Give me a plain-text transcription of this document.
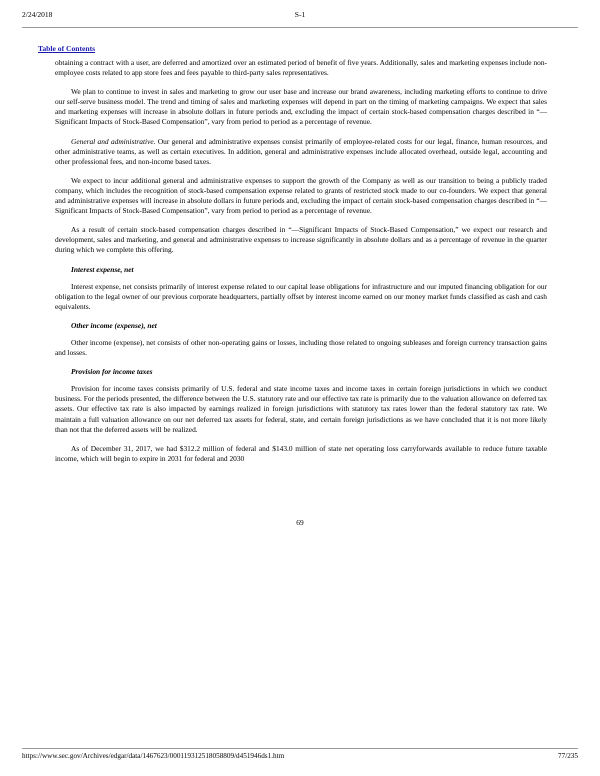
2/24/2018	S-1
Table of Contents

obtaining a contract with a user, are deferred and amortized over an estimated period of benefit of five years. Additionally, sales and marketing expenses include non-employee costs related to app store fees and fees payable to third-party sales representatives.

We plan to continue to invest in sales and marketing to grow our user base and increase our brand awareness, including marketing efforts to continue to drive our self-serve business model. The trend and timing of sales and marketing expenses will depend in part on the timing of marketing campaigns. We expect that sales and marketing expenses will increase in absolute dollars in future periods and, excluding the impact of certain stock-based compensation charges described in “—Significant Impacts of Stock-Based Compensation”, vary from period to period as a percentage of revenue.

General and administrative. Our general and administrative expenses consist primarily of employee-related costs for our legal, finance, human resources, and other administrative teams, as well as certain executives. In addition, general and administrative expenses include allocated overhead, outside legal, accounting and other professional fees, and non-income based taxes.

We expect to incur additional general and administrative expenses to support the growth of the Company as well as our transition to being a publicly traded company, which includes the recognition of stock-based compensation expense related to grants of restricted stock made to our co-founders. We expect that general and administrative expenses will increase in absolute dollars in future periods and, excluding the impact of certain stock-based compensation charges described in “—Significant Impacts of Stock-Based Compensation”, vary from period to period as a percentage of revenue.

As a result of certain stock-based compensation charges described in “—Significant Impacts of Stock-Based Compensation,” we expect our research and development, sales and marketing, and general and administrative expenses to increase significantly in absolute dollars and as a percentage of revenue in the quarter during which we complete this offering.

Interest expense, net

Interest expense, net consists primarily of interest expense related to our capital lease obligations for infrastructure and our imputed financing obligation for our obligation to the legal owner of our previous corporate headquarters, partially offset by interest income earned on our money market funds classified as cash and cash equivalents.

Other income (expense), net

Other income (expense), net consists of other non-operating gains or losses, including those related to ongoing subleases and foreign currency transaction gains and losses.

Provision for income taxes

Provision for income taxes consists primarily of U.S. federal and state income taxes and income taxes in certain foreign jurisdictions in which we conduct business. For the periods presented, the difference between the U.S. statutory rate and our effective tax rate is primarily due to the valuation allowance on deferred tax assets. Our effective tax rate is also impacted by earnings realized in foreign jurisdictions with statutory tax rates lower than the federal statutory tax rate. We maintain a full valuation allowance on our net deferred tax assets for federal, state, and certain foreign jurisdictions as we have concluded that it is not more likely than not that the deferred assets will be realized.

As of December 31, 2017, we had $312.2 million of federal and $143.0 million of state net operating loss carryforwards available to reduce future taxable income, which will begin to expire in 2031 for federal and 2030

69
https://www.sec.gov/Archives/edgar/data/1467623/000119312518058809/d451946ds1.htm	77/235
